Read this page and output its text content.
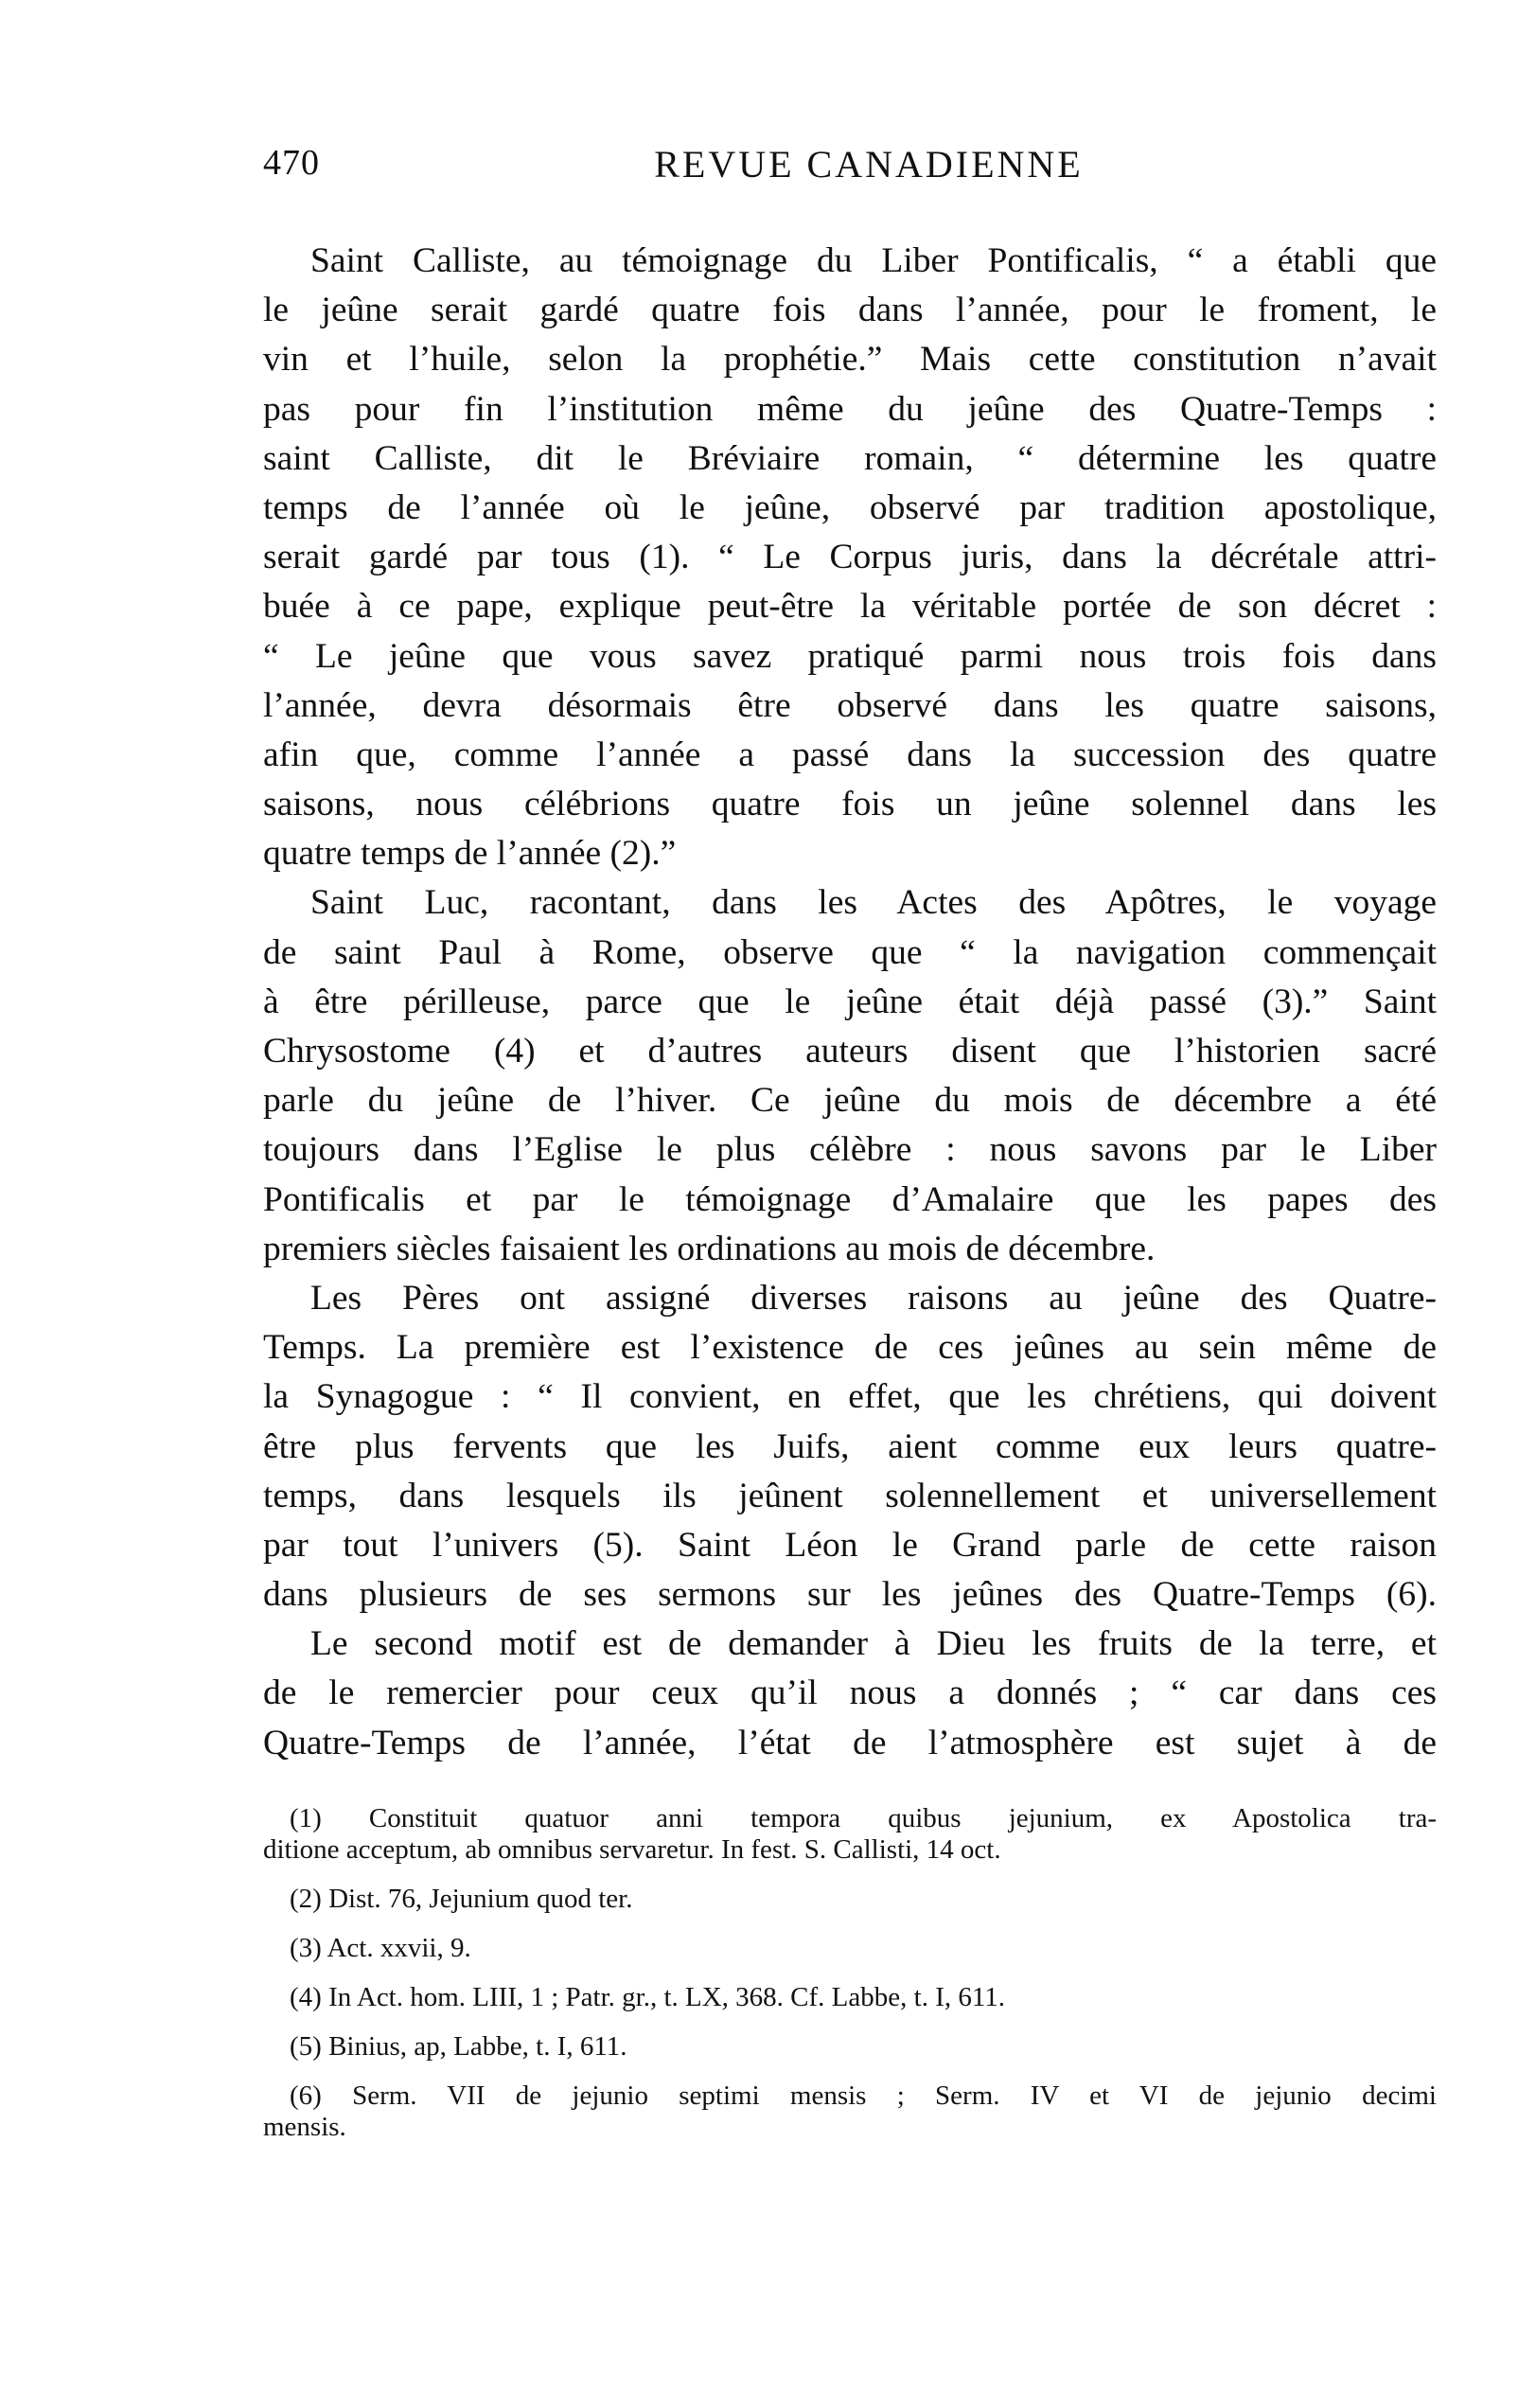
470	REVUE CANADIENNE
Saint Calliste, au témoignage du Liber Pontificalis, “ a établi que
le jeûne serait gardé quatre fois dans l’année, pour le froment, le
vin et l’huile, selon la prophétie.” Mais cette constitution n’avait
pas pour fin l’institution même du jeûne des Quatre-Temps :
saint Calliste, dit le Bréviaire romain, “ détermine les quatre
temps de l’année où le jeûne, observé par tradition apostolique,
serait gardé par tous (1). “ Le Corpus juris, dans la décrétale attri-
buée à ce pape, explique peut-être la véritable portée de son décret :
“ Le jeûne que vous savez pratiqué parmi nous trois fois dans
l’année, devra désormais être observé dans les quatre saisons,
afin que, comme l’année a passé dans la succession des quatre
saisons, nous célébrions quatre fois un jeûne solennel dans les
quatre temps de l’année (2).”
Saint Luc, racontant, dans les Actes des Apôtres, le voyage
de saint Paul à Rome, observe que “ la navigation commençait
à être périlleuse, parce que le jeûne était déjà passé (3).” Saint
Chrysostome (4) et d’autres auteurs disent que l’historien sacré
parle du jeûne de l’hiver. Ce jeûne du mois de décembre a été
toujours dans l’Eglise le plus célèbre : nous savons par le Liber
Pontificalis et par le témoignage d’Amalaire que les papes des
premiers siècles faisaient les ordinations au mois de décembre.
Les Pères ont assigné diverses raisons au jeûne des Quatre-
Temps. La première est l’existence de ces jeûnes au sein même de
la Synagogue : “ Il convient, en effet, que les chrétiens, qui doivent
être plus fervents que les Juifs, aient comme eux leurs quatre-
temps, dans lesquels ils jeûnent solennellement et universellement
par tout l’univers (5). Saint Léon le Grand parle de cette raison
dans plusieurs de ses sermons sur les jeûnes des Quatre-Temps (6).
Le second motif est de demander à Dieu les fruits de la terre, et
de le remercier pour ceux qu’il nous a donnés ; “ car dans ces
Quatre-Temps de l’année, l’état de l’atmosphère est sujet à de
(1) Constituit quatuor anni tempora quibus jejunium, ex Apostolica tra-
ditione acceptum, ab omnibus servaretur. In fest. S. Callisti, 14 oct.
(2) Dist. 76, Jejunium quod ter.
(3) Act. xxvii, 9.
(4) In Act. hom. LIII, 1 ; Patr. gr., t. LX, 368. Cf. Labbe, t. I, 611.
(5) Binius, ap, Labbe, t. I, 611.
(6) Serm. VII de jejunio septimi mensis ; Serm. IV et VI de jejunio decimi
mensis.
